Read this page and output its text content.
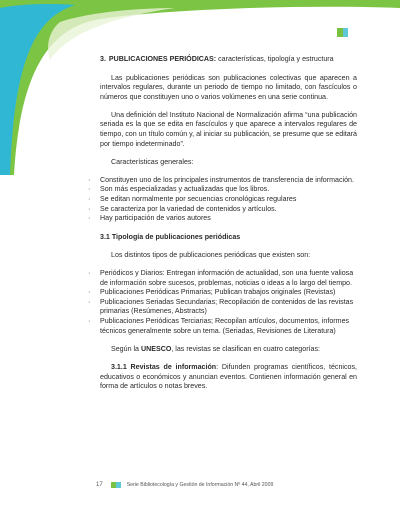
3. PUBLICACIONES PERIÓDICAS: características, tipología y estructura

Las publicaciones periódicas son publicaciones colectivas que aparecen a intervalos regulares, durante un periodo de tiempo no limitado, con fascículos o números que constituyen uno o varios volúmenes en una serie continua.

Una definición del Instituto Nacional de Normalización afirma “una publicación seriada es la que se edita en fascículos y que aparece a intervalos regulares de tiempo, con un título común y, al iniciar su publicación, se presume que se editará por tiempo indeterminado”.

Características generales:

· Constituyen uno de los principales instrumentos de transferencia de información.
· Son más especializadas y actualizadas que los libros.
· Se editan normalmente por secuencias cronológicas regulares
· Se caracteriza por la variedad de contenidos y artículos.
· Hay participación de varios autores

3.1 Tipología de publicaciones periódicas

Los distintos tipos de publicaciones periódicas que existen son:

· Periódicos y Diarios: Entregan información de actualidad, son una fuente valiosa de información sobre sucesos, problemas, noticias o ideas a lo largo del tiempo.
· Publicaciones Periódicas Primarias; Publican trabajos originales (Revistas)
· Publicaciones Seriadas Secundarias; Recopilación de contenidos de las revistas primarias (Resúmenes, Abstracts)
· Publicaciones Periódicas Terciarias; Recopilan artículos, documentos, informes técnicos generalmente sobre un tema. (Seriadas, Revisiones de Literatura)

Según la UNESCO, las revistas se clasifican en cuatro categorías:

3.1.1 Revistas de información: Difunden programas científicos, técnicos, educativos o económicos y anuncian eventos. Contienen información general en forma de artículos o notas breves.

17	Serie Bibliotecología y Gestión de Información Nº 44, Abril 2009
